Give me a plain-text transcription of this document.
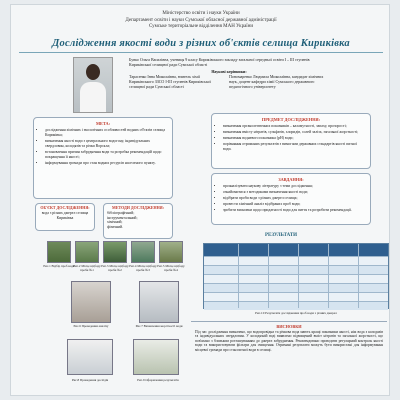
Міністерство освіти і науки України
Департамент освіти і науки Сумської обласної державної адміністрації
Сумське територіальне відділення МАН України
Дослідження якості води з різних об'єктів селища Кириківка
Бувко Ольга Василівна, учениця 9 класу Кириківського закладу загальної середньої освіти I – III ступенів Кириківської селищної ради Сумської області
Наукові керівники:
Тарасенко Інна Миколаївна, вчитель хімії Кириківського ЗЗСО I-III ступенів Кириківської селищної ради Сумської області
Пономаренко Людмила Миколаївна, кандидат хімічних наук, доцент кафедри хімії Сумського державного педагогічного університету
МЕТА:
• дослідження хімічних і екологічних особливостей водних об'єктів селища Кириківка;
• визначення якості води з центрального водогону, індивідуальних свердловин, колодязів та річки Ворскла;
• встановлення причин забруднення води та розробка рекомендацій щодо покращення її якості;
• інформування громади про стан водних ресурсів населеного пункту.
ПРЕДМЕТ ДОСЛІДЖЕННЯ:
• визначення органолептичних показників – каламутності, запаху, прозорості;
• визначення вмісту нітратів, сульфатів, хлоридів, солей заліза, загальної жорсткості;
• визначення водневого показника (рН) води;
• порівняння отриманих результатів з вимогами державних стандартів якості питної води.
ЗАВДАННЯ:
• проаналізувати наукову літературу з теми дослідження;
• ознайомитися з методиками визначення якості води;
• відібрати проби води з різних джерел селища;
• провести хімічний аналіз відібраних проб води;
• зробити висновки щодо придатності води для пиття та розробити рекомендації.
ОБ'ЄКТ ДОСЛІДЖЕННЯ:
вода з різних джерел селища Кириківка
МЕТОДИ ДОСЛІДЖЕННЯ:
бібліографічний;
інструментальний;
хімічний;
фізичний.
Рис.1 Відбір проб води
Рис.2 Місце відбору проби №1
Рис.3 Місце відбору проби №2
Рис.4 Місце відбору проби №3
Рис.5 Місце відбору проби №4
Рис.6 Проведення аналізу	Рис.7 Визначення жорсткості води
Рис.8 Проведення дослідів	Рис.9 Оформлення результатів
РЕЗУЛЬТАТИ
Рис.10 Результати дослідження проб води з різних джерел
ВИСНОВКИ
Під час дослідження визначено, що водопровідна та річкова вода мають кращі показники якості, ніж вода з колодязів та індивідуальних свердловин. У колодязній воді виявлено підвищений вміст нітратів та загальної жорсткості, що пов'язано з близьким розташуванням до джерел забруднення. Рекомендовано проводити регулярний контроль якості води та використовувати фільтри для очищення. Отримані результати можуть бути використані для інформування місцевої громади про стан питної води в селищі.
